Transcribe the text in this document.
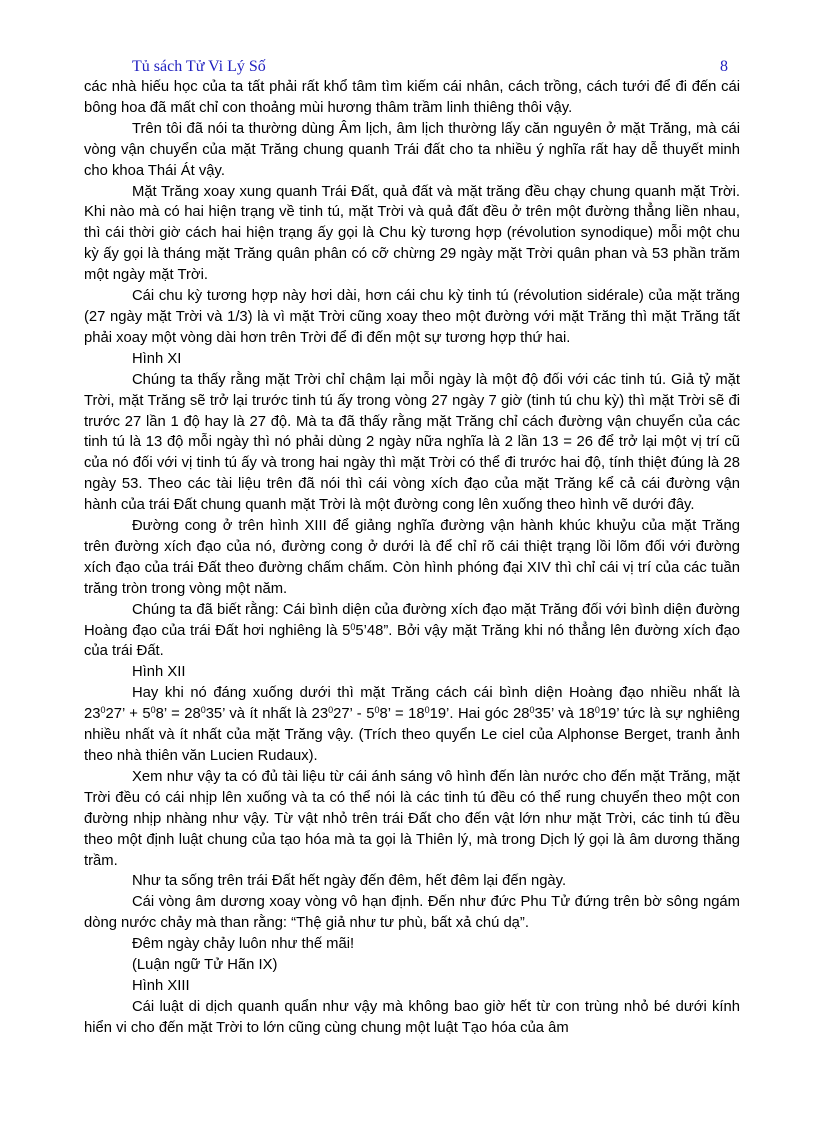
Tủ sách Tử Vi Lý Số	8

các nhà hiếu học của ta tất phải rất khổ tâm tìm kiếm cái nhân, cách trồng, cách tưới để đi đến cái bông hoa đã mất chỉ con thoảng mùi hương thâm trầm linh thiêng thôi vậy.

Trên tôi đã nói ta thường dùng Âm lịch, âm lịch thường lấy căn nguyên ở mặt Trăng, mà cái vòng vận chuyển của mặt Trăng chung quanh Trái đất cho ta nhiều ý nghĩa rất hay dễ thuyết minh cho khoa Thái Át vậy.

Mặt Trăng xoay xung quanh Trái Đất, quả đất và mặt trăng đều chạy chung quanh mặt Trời. Khi nào mà có hai hiện trạng về tinh tú, mặt Trời và quả đất đều ở trên một đường thẳng liền nhau, thì cái thời giờ cách hai hiện trạng ấy gọi là Chu kỳ tương hợp (révolution synodique) mỗi một chu kỳ ấy gọi là tháng mặt Trăng quân phân có cỡ chừng 29 ngày mặt Trời quân phan và 53 phần trăm một ngày mặt Trời.

Cái chu kỳ tương hợp này hơi dài, hơn cái chu kỳ tinh tú (révolution sidérale) của mặt trăng (27 ngày mặt Trời và 1/3) là vì mặt Trời cũng xoay theo một đường với mặt Trăng thì mặt Trăng tất phải xoay một vòng dài hơn trên Trời để đi đến một sự tương hợp thứ hai.

Hình XI

Chúng ta thấy rằng mặt Trời chỉ chậm lại mỗi ngày là một độ đối với các tinh tú. Giả tỷ mặt Trời, mặt Trăng sẽ trở lại trước tinh tú ấy trong vòng 27 ngày 7 giờ (tinh tú chu kỳ) thì mặt Trời sẽ đi trước 27 lần 1 độ hay là 27 độ. Mà ta đã thấy rằng mặt Trăng chỉ cách đường vận chuyển của các tinh tú là 13 độ mỗi ngày thì nó phải dùng 2 ngày nữa nghĩa là 2 lần 13 = 26 để trở lại một vị trí cũ của nó đối với vị tinh tú ấy và trong hai ngày thì mặt Trời có thể đi trước hai độ, tính thiệt đúng là 28 ngày 53. Theo các tài liệu trên đã nói thì cái vòng xích đạo của mặt Trăng kể cả cái đường vận hành của trái Đất chung quanh mặt Trời là một đường cong lên xuống theo hình vẽ dưới đây.

Đường cong ở trên hình XIII để giảng nghĩa đường vận hành khúc khuỷu của mặt Trăng trên đường xích đạo của nó, đường cong ở dưới là để chỉ rõ cái thiệt trạng lồi lõm đối với đường xích đạo của trái Đất theo đường chấm chấm. Còn hình phóng đại XIV thì chỉ cái vị trí của các tuần trăng tròn trong vòng một năm.

Chúng ta đã biết rằng: Cái bình diện của đường xích đạo mặt Trăng đối với bình diện đường Hoàng đạo của trái Đất hơi nghiêng là $5^05’48$”. Bởi vậy mặt Trăng khi nó thẳng lên đường xích đạo của trái Đất.

Hình XII

Hay khi nó đáng xuống dưới thì mặt Trăng cách cái bình diện Hoàng đạo nhiều nhất là $23^027$’ + $5^08$’ = $28^035$’ và ít nhất là $23^027$’ - $5^08$’ = $18^019$’. Hai góc $28^035$’ và $18^019$’ tức là sự nghiêng nhiều nhất và ít nhất của mặt Trăng vậy. (Trích theo quyển Le ciel của Alphonse Berget, tranh ảnh theo nhà thiên văn Lucien Rudaux).

Xem như vậy ta có đủ tài liệu từ cái ánh sáng vô hình đến làn nước cho đến mặt Trăng, mặt Trời đều có cái nhịp lên xuống và ta có thể nói là các tinh tú đều có thể rung chuyển theo một con đường nhịp nhàng như vậy. Từ vật nhỏ trên trái Đất cho đến vật lớn như mặt Trời, các tinh tú đều theo một định luật chung của tạo hóa mà ta gọi là Thiên lý, mà trong Dịch lý gọi là âm dương thăng trầm.

Như ta sống trên trái Đất hết ngày đến đêm, hết đêm lại đến ngày.

Cái vòng âm dương xoay vòng vô hạn định. Đến như đức Phu Tử đứng trên bờ sông ngám dòng nước chảy mà than rằng: “Thệ giả như tư phù, bất xả chú dạ”.

Đêm ngày chảy luôn như thế mãi!

(Luận ngữ Tử Hãn IX)

Hình XIII

Cái luật di dịch quanh quẩn như vậy mà không bao giờ hết từ con trùng nhỏ bé dưới kính hiển vi cho đến mặt Trời to lớn cũng cùng chung một luật Tạo hóa của âm
